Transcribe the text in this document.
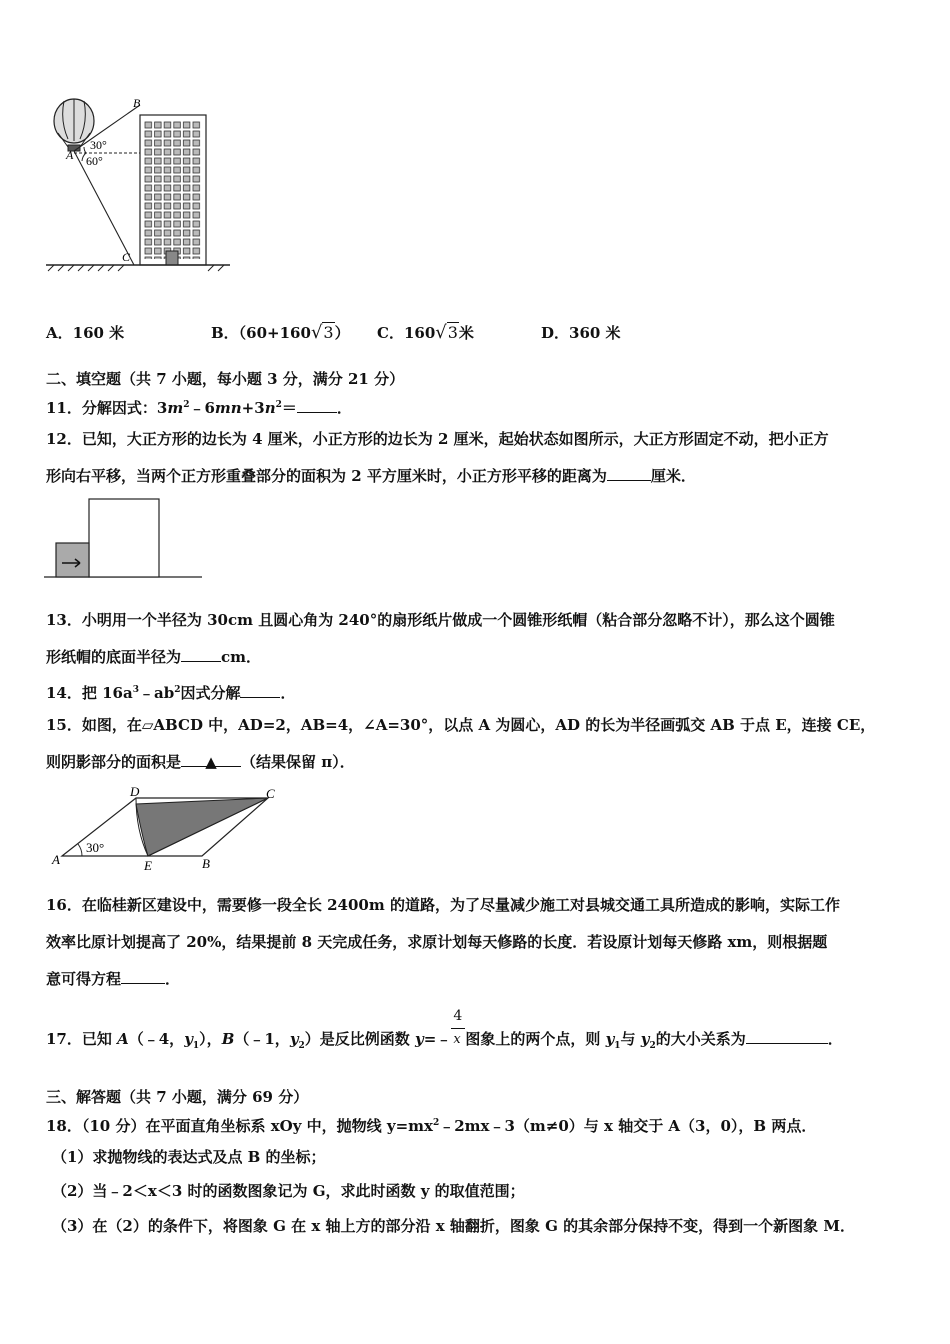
B
A
C
30°
60°
A．160 米	B．（60+160√3） C．160√3米	D．360 米
二、填空题（共 7 小题，每小题 3 分，满分 21 分）
11．分解因式：$3m^2﹣6mn+3n^2=$	．
12．已知，大正方形的边长为 4 厘米，小正方形的边长为 2 厘米，起始状态如图所示，大正方形固定不动，把小正方
形向右平移，当两个正方形重叠部分的面积为 2 平方厘米时，小正方形平移的距离为	厘米．
13．小明用一个半径为 30cm 且圆心角为 240°的扇形纸片做成一个圆锥形纸帽（粘合部分忽略不计），那么这个圆锥
形纸帽的底面半径为	cm．
14．把 $16a^3﹣ab^2$因式分解	．
15．如图，在▱ABCD 中，AD=2，AB=4，∠A=30°，以点 A 为圆心，AD 的长为半径画弧交 AB 于点 E，连接 CE，
则阴影部分的面积是 ▲ （结果保留 π）．
D	C
A	E	B
30°
16．在临桂新区建设中，需要修一段全长 2400m 的道路，为了尽量减少施工对县城交通工具所造成的影响，实际工作
效率比原计划提高了 20%，结果提前 8 天完成任务，求原计划每天修路的长度．若设原计划每天修路 xm，则根据题
意可得方程	．
17．已知 A（﹣4，$y_1$），B（﹣1，$y_2$）是反比例函数 y=﹣ $\frac{4}{x}$ 图象上的两个点，则 $y_1$与 $y_2$的大小关系为	．
三、解答题（共 7 小题，满分 69 分）
18．（10 分）在平面直角坐标系 xOy 中，抛物线 $y=mx^2﹣2mx﹣3(m\ne 0)$与 x 轴交于 A（3，0），B 两点．
（1）求抛物线的表达式及点 B 的坐标；
（2）当﹣2＜x＜3 时的函数图象记为 G，求此时函数 y 的取值范围；
（3）在（2）的条件下，将图象 G 在 x 轴上方的部分沿 x 轴翻折，图象 G 的其余部分保持不变，得到一个新图象 M．
